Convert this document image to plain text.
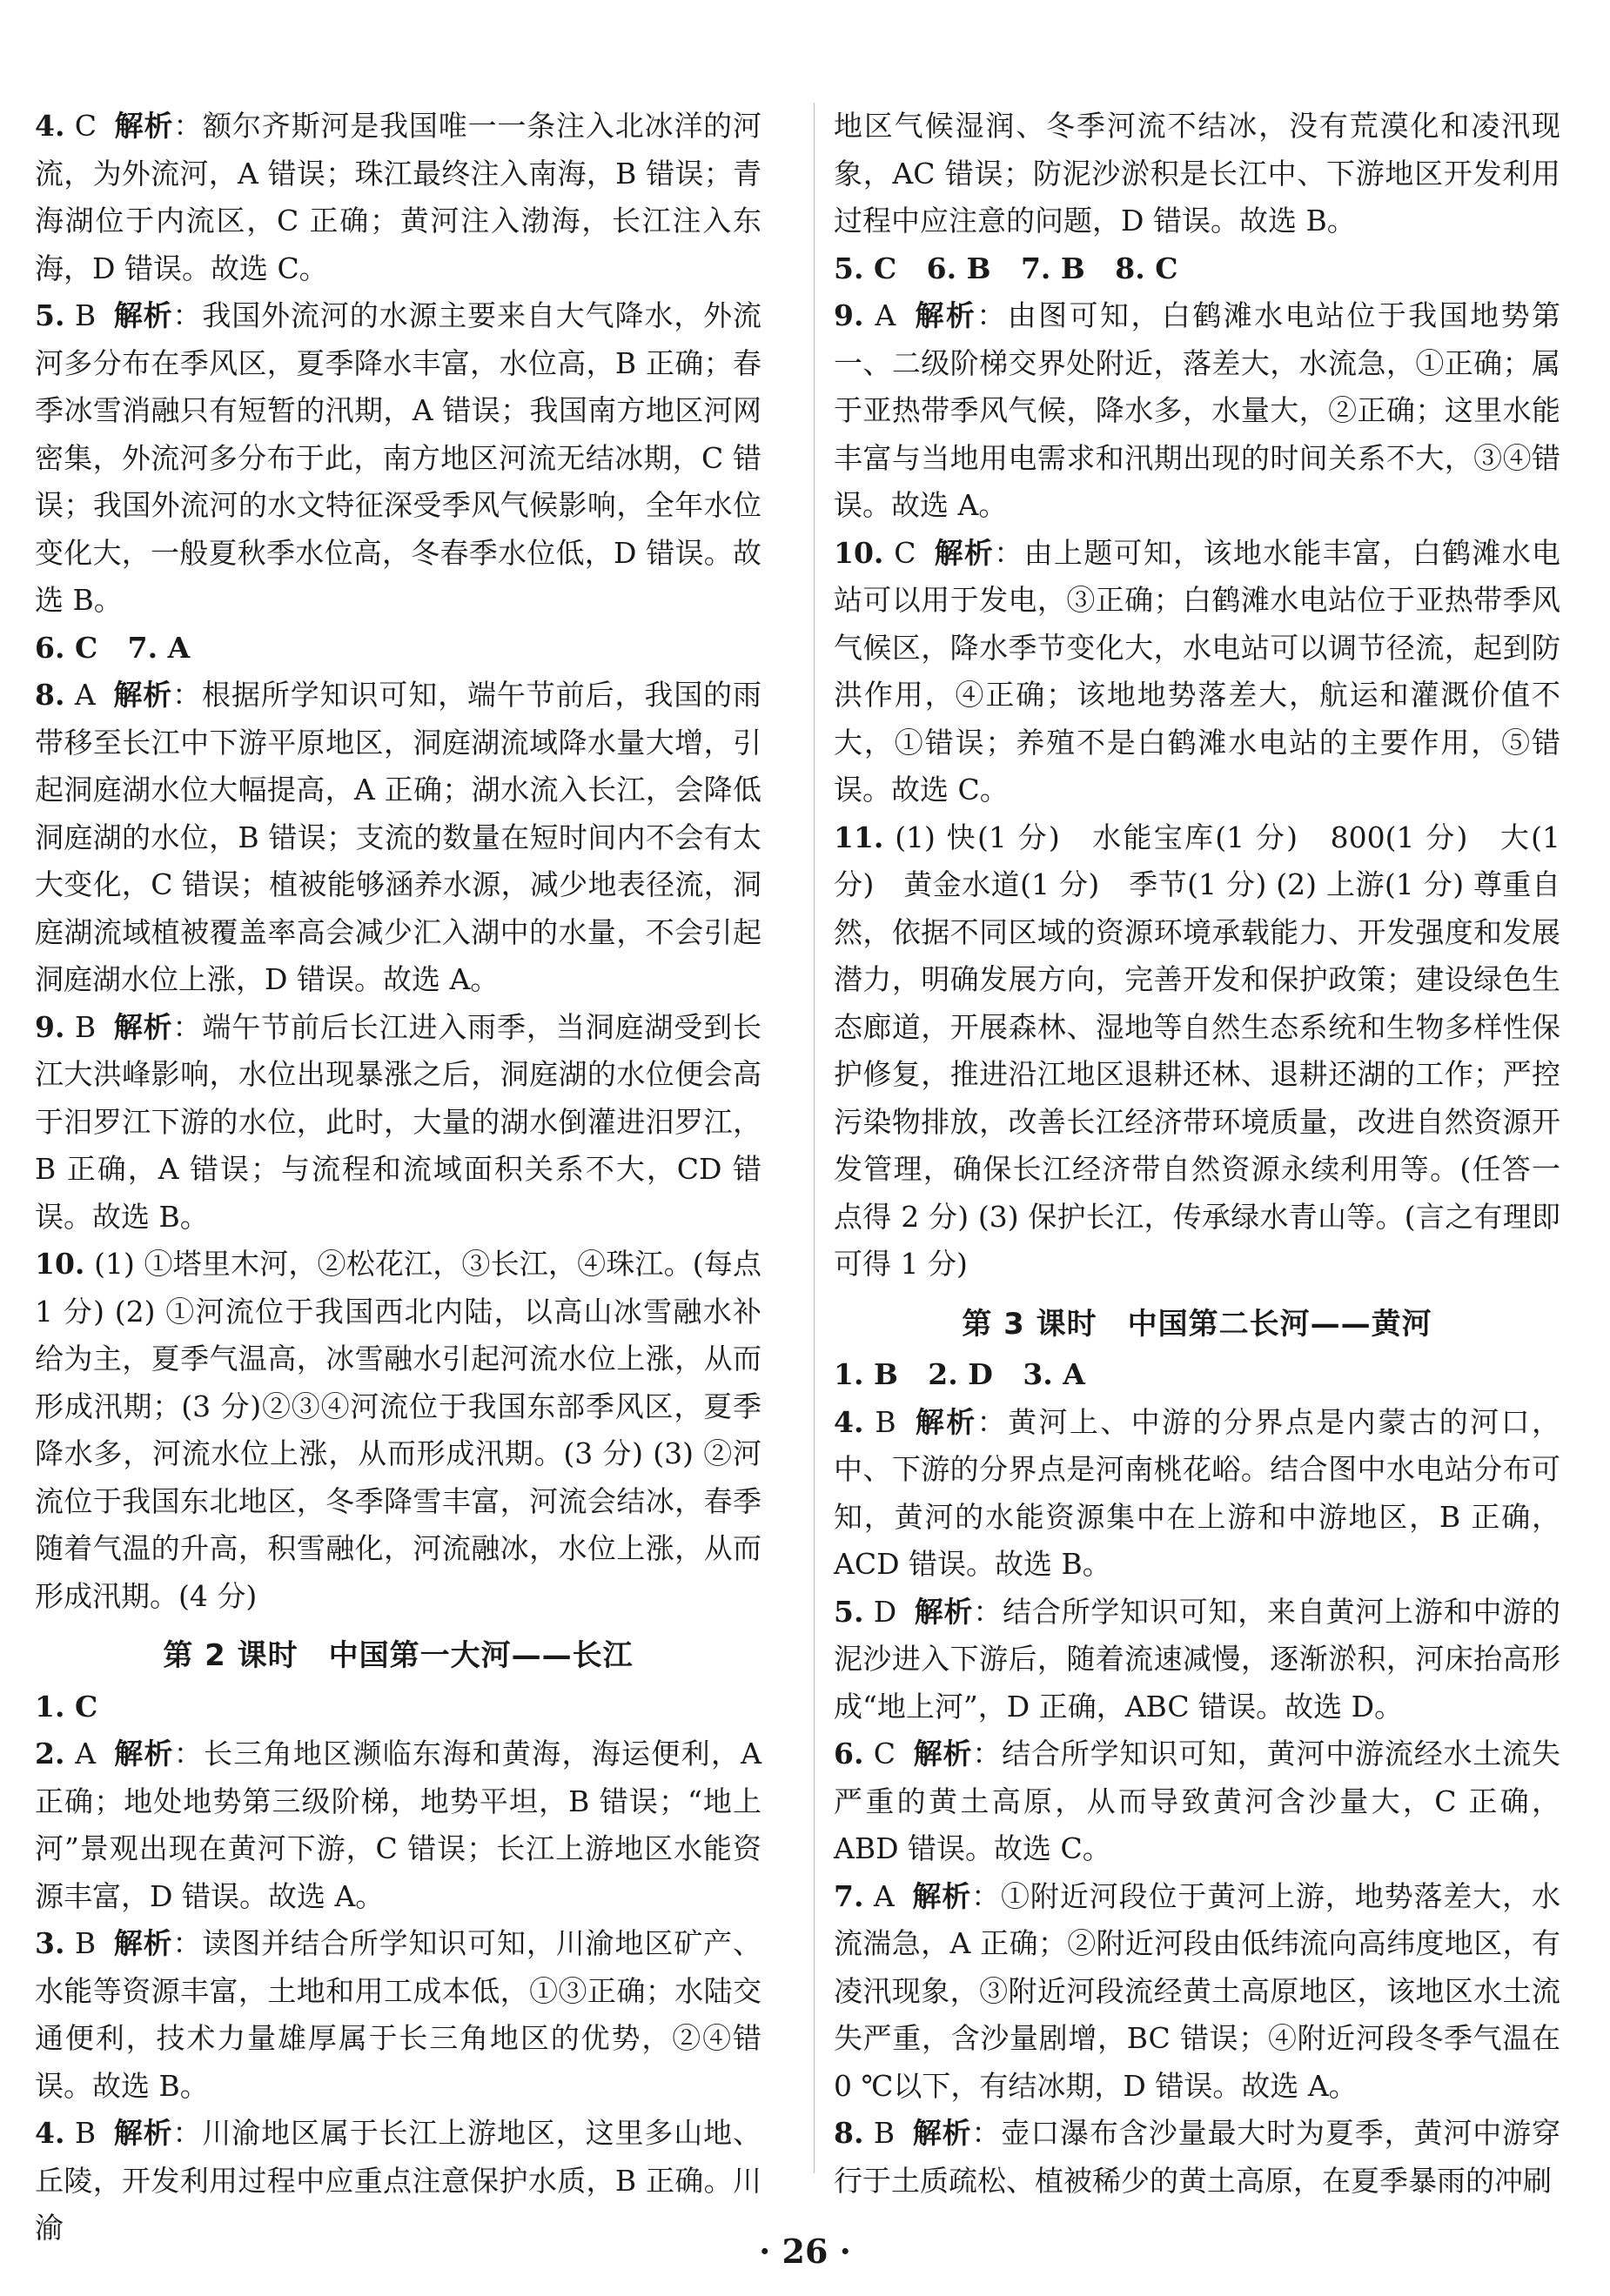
4. C 解析：额尔齐斯河是我国唯一一条注入北冰洋的河流，为外流河，A 错误；珠江最终注入南海，B 错误；青海湖位于内流区，C 正确；黄河注入渤海，长江注入东海，D 错误。故选 C。

5. B 解析：我国外流河的水源主要来自大气降水，外流河多分布在季风区，夏季降水丰富，水位高，B 正确；春季冰雪消融只有短暂的汛期，A 错误；我国南方地区河网密集，外流河多分布于此，南方地区河流无结冰期，C 错误；我国外流河的水文特征深受季风气候影响，全年水位变化大，一般夏秋季水位高，冬春季水位低，D 错误。故选 B。

6. C   7. A

8. A 解析：根据所学知识可知，端午节前后，我国的雨带移至长江中下游平原地区，洞庭湖流域降水量大增，引起洞庭湖水位大幅提高，A 正确；湖水流入长江，会降低洞庭湖的水位，B 错误；支流的数量在短时间内不会有太大变化，C 错误；植被能够涵养水源，减少地表径流，洞庭湖流域植被覆盖率高会减少汇入湖中的水量，不会引起洞庭湖水位上涨，D 错误。故选 A。

9. B 解析：端午节前后长江进入雨季，当洞庭湖受到长江大洪峰影响，水位出现暴涨之后，洞庭湖的水位便会高于汨罗江下游的水位，此时，大量的湖水倒灌进汨罗江，B 正确，A 错误；与流程和流域面积关系不大，CD 错误。故选 B。

10. (1) ①塔里木河，②松花江，③长江，④珠江。(每点 1 分) (2) ①河流位于我国西北内陆，以高山冰雪融水补给为主，夏季气温高，冰雪融水引起河流水位上涨，从而形成汛期；(3 分)②③④河流位于我国东部季风区，夏季降水多，河流水位上涨，从而形成汛期。(3 分) (3) ②河流位于我国东北地区，冬季降雪丰富，河流会结冰，春季随着气温的升高，积雪融化，河流融冰，水位上涨，从而形成汛期。(4 分)

第 2 课时　中国第一大河——长江

1. C

2. A 解析：长三角地区濒临东海和黄海，海运便利，A 正确；地处地势第三级阶梯，地势平坦，B 错误；“地上河”景观出现在黄河下游，C 错误；长江上游地区水能资源丰富，D 错误。故选 A。

3. B 解析：读图并结合所学知识可知，川渝地区矿产、水能等资源丰富，土地和用工成本低，①③正确；水陆交通便利，技术力量雄厚属于长三角地区的优势，②④错误。故选 B。

4. B 解析：川渝地区属于长江上游地区，这里多山地、丘陵，开发利用过程中应重点注意保护水质，B 正确。川渝

地区气候湿润、冬季河流不结冰，没有荒漠化和凌汛现象，AC 错误；防泥沙淤积是长江中、下游地区开发利用过程中应注意的问题，D 错误。故选 B。

5. C   6. B   7. B   8. C

9. A 解析：由图可知，白鹤滩水电站位于我国地势第一、二级阶梯交界处附近，落差大，水流急，①正确；属于亚热带季风气候，降水多，水量大，②正确；这里水能丰富与当地用电需求和汛期出现的时间关系不大，③④错误。故选 A。

10. C 解析：由上题可知，该地水能丰富，白鹤滩水电站可以用于发电，③正确；白鹤滩水电站位于亚热带季风气候区，降水季节变化大，水电站可以调节径流，起到防洪作用，④正确；该地地势落差大，航运和灌溉价值不大，①错误；养殖不是白鹤滩水电站的主要作用，⑤错误。故选 C。

11. (1) 快(1 分)　水能宝库(1 分)　800(1 分)　大(1 分)　黄金水道(1 分)　季节(1 分) (2) 上游(1 分) 尊重自然，依据不同区域的资源环境承载能力、开发强度和发展潜力，明确发展方向，完善开发和保护政策；建设绿色生态廊道，开展森林、湿地等自然生态系统和生物多样性保护修复，推进沿江地区退耕还林、退耕还湖的工作；严控污染物排放，改善长江经济带环境质量，改进自然资源开发管理，确保长江经济带自然资源永续利用等。(任答一点得 2 分) (3) 保护长江，传承绿水青山等。(言之有理即可得 1 分)

第 3 课时　中国第二长河——黄河

1. B   2. D   3. A

4. B 解析：黄河上、中游的分界点是内蒙古的河口，中、下游的分界点是河南桃花峪。结合图中水电站分布可知，黄河的水能资源集中在上游和中游地区，B 正确，ACD 错误。故选 B。

5. D 解析：结合所学知识可知，来自黄河上游和中游的泥沙进入下游后，随着流速减慢，逐渐淤积，河床抬高形成“地上河”，D 正确，ABC 错误。故选 D。

6. C 解析：结合所学知识可知，黄河中游流经水土流失严重的黄土高原，从而导致黄河含沙量大，C 正确，ABD 错误。故选 C。

7. A 解析：①附近河段位于黄河上游，地势落差大，水流湍急，A 正确；②附近河段由低纬流向高纬度地区，有凌汛现象，③附近河段流经黄土高原地区，该地区水土流失严重，含沙量剧增，BC 错误；④附近河段冬季气温在 0 ℃以下，有结冰期，D 错误。故选 A。

8. B 解析：壶口瀑布含沙量最大时为夏季，黄河中游穿行于土质疏松、植被稀少的黄土高原，在夏季暴雨的冲刷

· 26 ·
